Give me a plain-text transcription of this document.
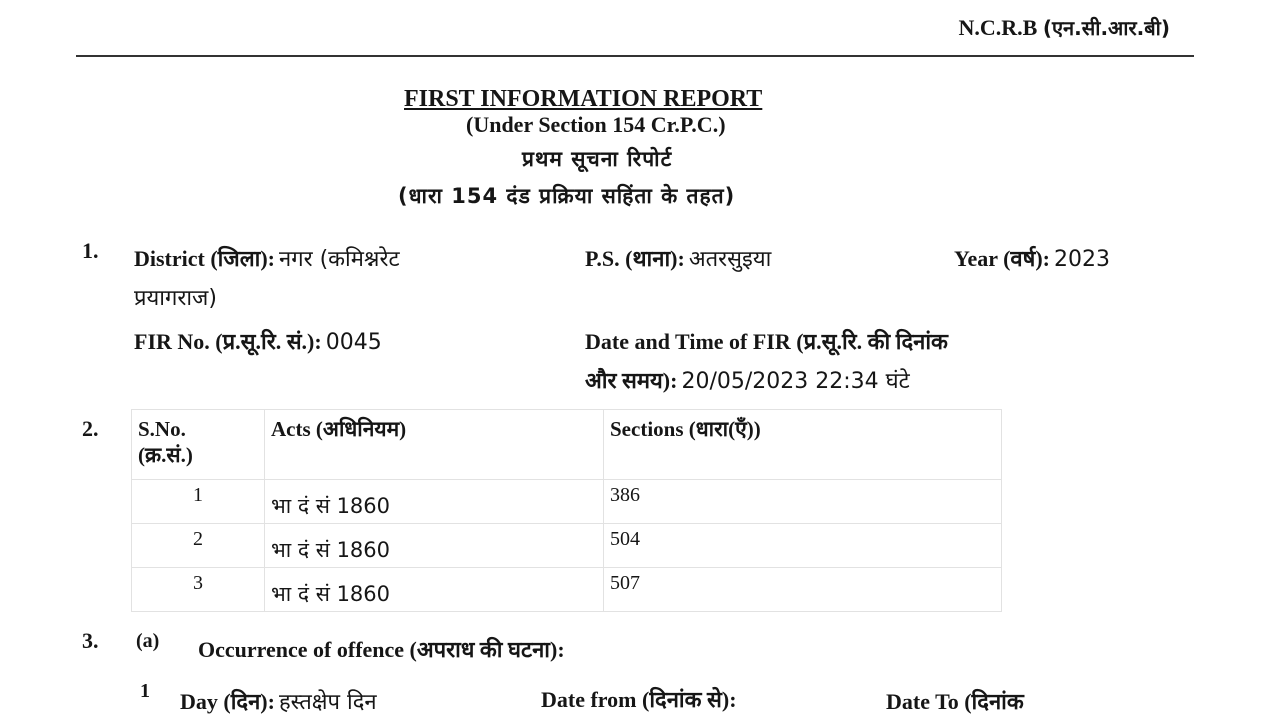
N.C.R.B (एन.सी.आर.बी)
FIRST INFORMATION REPORT
(Under Section 154 Cr.P.C.)
प्रथम सूचना रिपोर्ट
(धारा 154 दंड प्रक्रिया सहिंता के तहत)
1. District (जिला): नगर (कमिश्नरेट
प्रयागराज)
P.S. (थाना): अतरसुइया	Year (वर्ष): 2023
FIR No. (प्र.सू.रि. सं.): 0045	Date and Time of FIR (प्र.सू.रि. की दिनांक
और समय): 20/05/2023 22:34 घंटे
2. S.No.
(क्र.सं.)	Acts (अधिनियम)	Sections (धारा(एँ))

1	भा दं सं 1860	386

2	भा दं सं 1860	504

3	भा दं सं 1860	507
3. (a) Occurrence of offence (अपराध की घटना):
1 Day (दिन): हस्तक्षेप दिन	Date from (दिनांक से):	Date To (दिनांक
